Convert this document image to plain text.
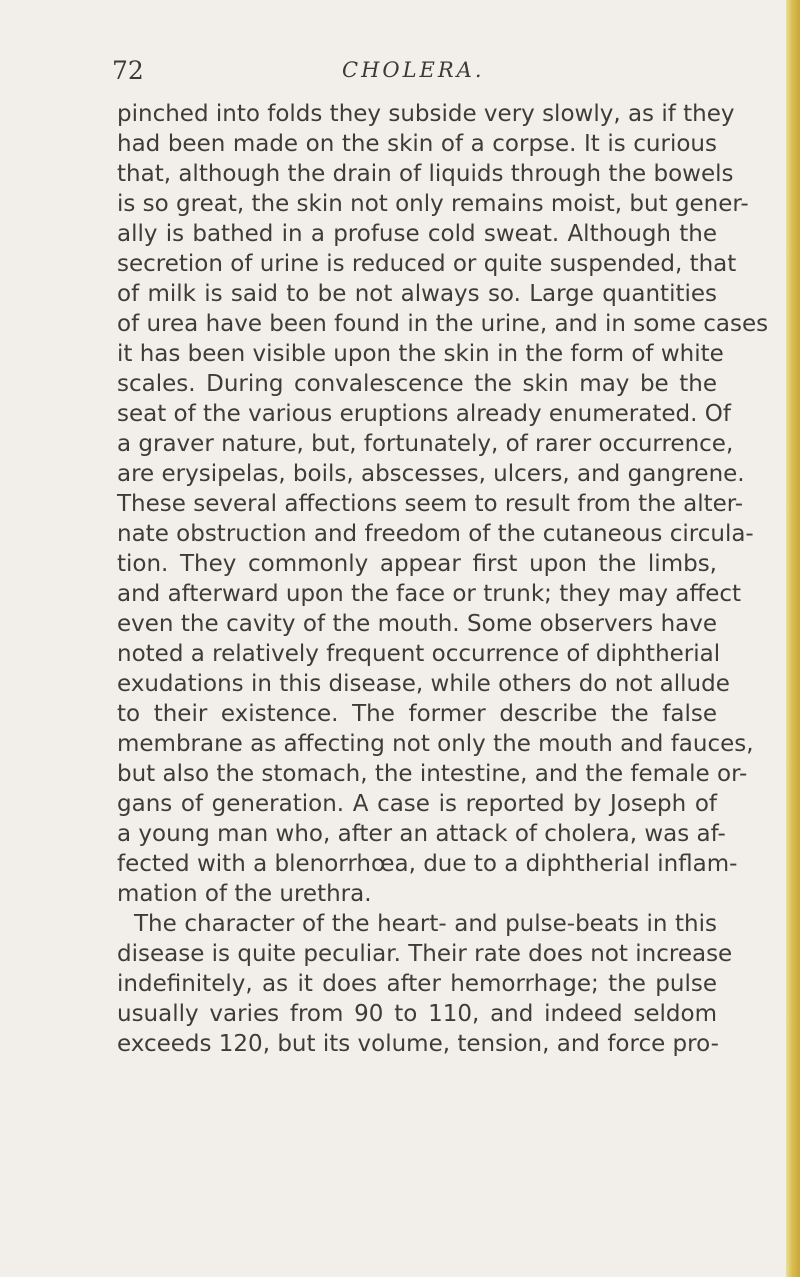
72	CHOLERA.
pinched into folds they subside very slowly, as if they
had been made on the skin of a corpse. It is curious
that, although the drain of liquids through the bowels
is so great, the skin not only remains moist, but gener-
ally is bathed in a profuse cold sweat. Although the
secretion of urine is reduced or quite suspended, that
of milk is said to be not always so. Large quantities
of urea have been found in the urine, and in some cases
it has been visible upon the skin in the form of white
scales. During convalescence the skin may be the
seat of the various eruptions already enumerated. Of
a graver nature, but, fortunately, of rarer occurrence,
are erysipelas, boils, abscesses, ulcers, and gangrene.
These several affections seem to result from the alter-
nate obstruction and freedom of the cutaneous circula-
tion. They commonly appear first upon the limbs,
and afterward upon the face or trunk; they may affect
even the cavity of the mouth. Some observers have
noted a relatively frequent occurrence of diphtherial
exudations in this disease, while others do not allude
to their existence. The former describe the false
membrane as affecting not only the mouth and fauces,
but also the stomach, the intestine, and the female or-
gans of generation. A case is reported by Joseph of
a young man who, after an attack of cholera, was af-
fected with a blenorrhœa, due to a diphtherial inflam-
mation of the urethra.
The character of the heart- and pulse-beats in this
disease is quite peculiar. Their rate does not increase
indefinitely, as it does after hemorrhage; the pulse
usually varies from 90 to 110, and indeed seldom
exceeds 120, but its volume, tension, and force pro-
